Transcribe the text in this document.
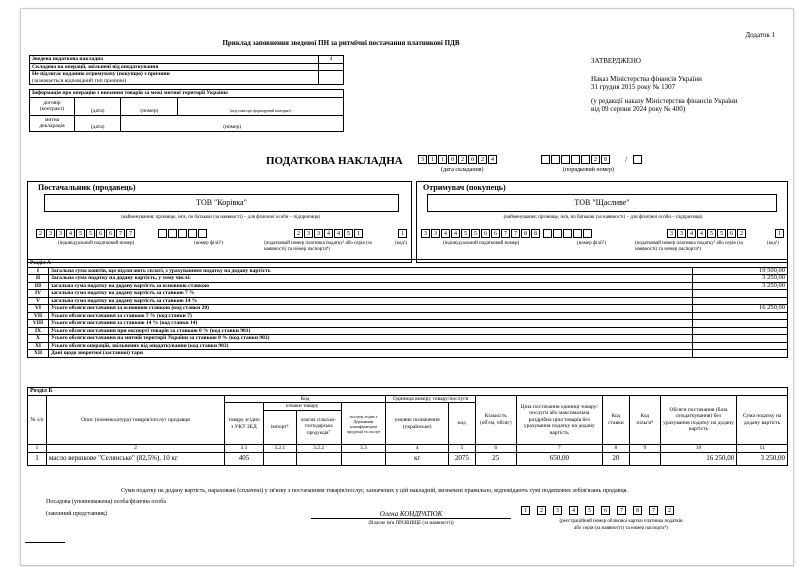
Додаток 1
Приклад заповнення зведеної ПН за ритмічні постачання платникові ПДВ
ЗАТВЕРДЖЕНО
Наказ Міністерства фінансів України
31 грудня 2015 року № 1307
(у редакції наказу Міністерства фінансів України
від 09 серпня 2024 року № 400)
Зведена податкова накладна	4
Складена на операції, звільнені від оподаткування	

Не підлягає наданню отримувачу (покупцю) з причини
(зазначається відповідний тип причини)	

Інформація про операцію з ввезення товарів за межі митної території України:			
договір (контракт)	(дата)	(номер)	(підстава про форвардний контракт)
митна декларація	(дата)	(номер)	
ПОДАТКОВА НАКЛАДНА	3	1	1	0	2	0	2	4
(дата складання)
2	8	/
(порядковий номер)
Постачальник (продавець)
ТОВ "Корівка"
(найменування; прізвище, ім'я, по батькові (за наявності) – для фізичної особи – підприємця)
2	3	3	4	5	5	6	6	7	7
(індивідуальний податковий номер)	(номер філії²)
2	3	3	4	4	5	1
(податковий номер платника податку³ або серія (за наявності) та номер паспорта⁴)
1
(код³)
Отримувач (покупець)
ТОВ "Щасливе"
(найменування; прізвище, ім'я, по батькові (за наявності) – для фізичної особи – підприємця)
3	3	4	4	5	5	6	6	7	7	8	8
(індивідуальний податковий номер)	(номер філії²)
3	3	4	4	5	5	6	2
(податковий номер платника податку³ або серія (за наявності) та номер паспорта⁴)
1
(код³)
Розділ А		
I	Загальна сума коштів, що підлягають сплаті, з урахуванням податку на додану вартість	19 500,00
II	Загальна сума податку на додану вартість, у тому числі:	3 250,00
III	загальна сума податку на додану вартість за основною ставкою	3 250,00
IV	загальна сума податку на додану вартість за ставкою 7 %	
V	загальна сума податку на додану вартість за ставкою 14 %	
VI	Усього обсяги постачання за основною ставкою (код ставки 20)	16 250,00
VII	Усього обсяги постачання за ставкою 7 % (код ставки 7)	
VIII	Усього обсяги постачання за ставкою 14 % (код ставки 14)	
IX	Усього обсяги постачання при експорті товарів за ставкою 0 % (код ставки 901)	
X	Усього обсяги постачання на митній території України за ставкою 0 % (код ставки 902)	
XI	Усього обсяги операцій, звільнених від оподаткування (код ставки 903)	
XII	Дані щодо зворотної (заставної) тари	
Розділ Б													
№ з/п	Опис (номенклатура) товарів/послуг продавця	Код				Одиниця виміру товару/послуги		Кількість (об'єм, обсяг)	Ціна постачання одиниці товару/послуги або максимальна роздрібна ціна товарів без урахування податку на додану вартість	Код ставки	Код пільги⁸	Обсяги постачання (база оподаткування) без урахування податку на додану вартість	Сума податку на додану вартість
		товару згідно з УКТ ЗЕД	ознаки товару		послуги згідно з Державним класифікатором продукції та послуг	умовне позначення (українське)	код						
			імпорт⁶	власна сільсько-господарська продукція⁷									
1	2	3.1	3.2.1	3.2.2	3.3	4	5	6	7	8	9	10	11
1	масло вершкове "Селянське" (82,5%), 10 кг	405				кг	2075	25	650,00	20		16 250,00	3 250,00
Суми податку на додану вартість, нараховані (сплачені) у зв'язку з постачанням товарів/послуг, зазначених у цій накладній, визначені правильно, відповідають сумі податкових зобов'язань продавця.
Посадова (уповноважена) особа/фізична особа
(законний представник)	Олена КОНДРАТЮК
(Власне ім'я ПРІЗВИЩЕ (за наявності))
1	2	3	4	5	6	7	8	7	2
(реєстраційний номер облікової картки платника податків
або серія (за наявності) та номер паспорта⁴)
